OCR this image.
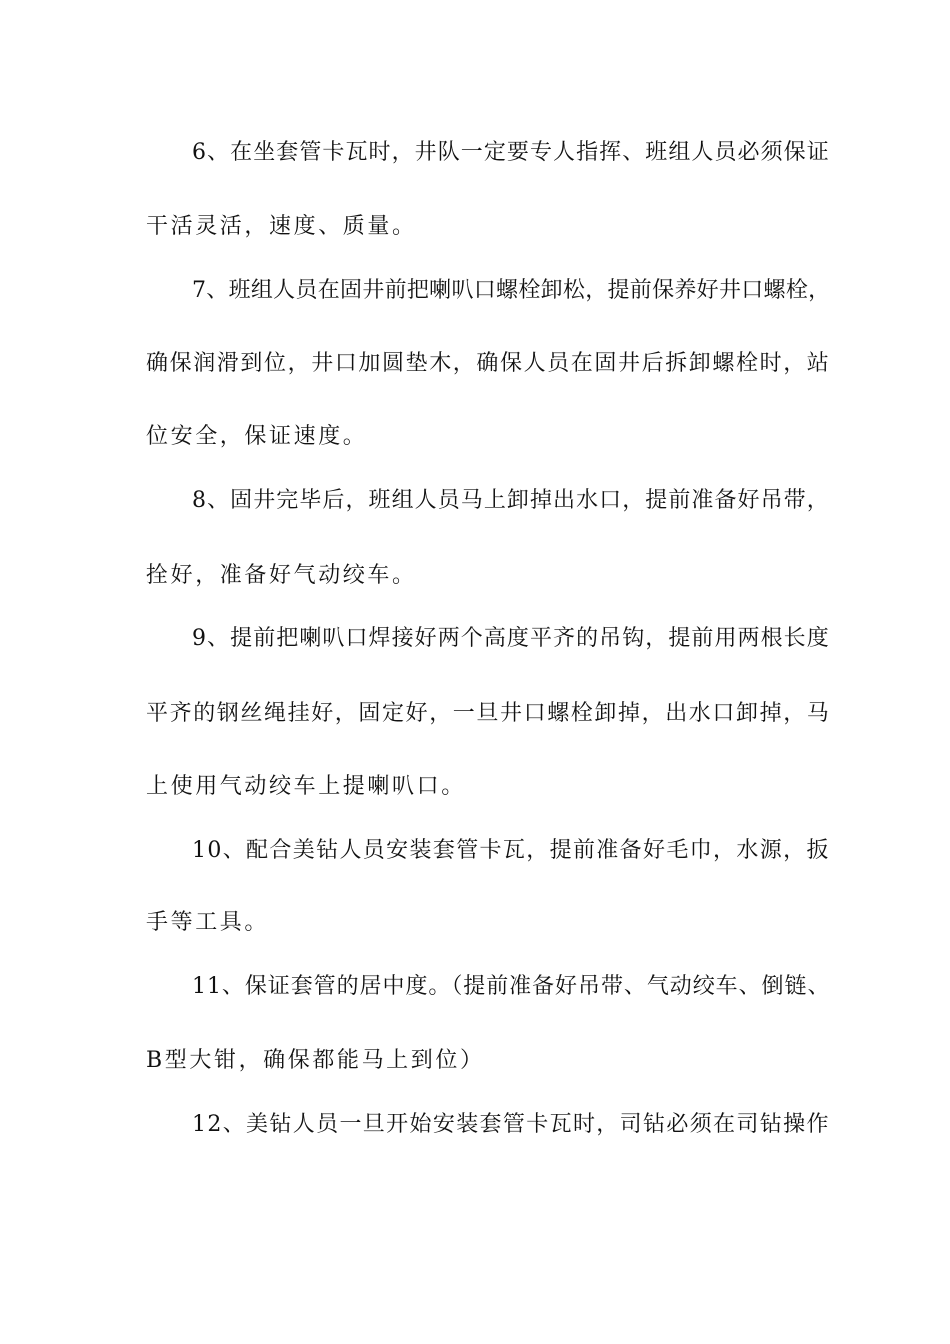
6、在坐套管卡瓦时，井队一定要专人指挥、班组人员必须保证
干活灵活，速度、质量。
7、班组人员在固井前把喇叭口螺栓卸松，提前保养好井口螺栓，
确保润滑到位，井口加圆垫木，确保人员在固井后拆卸螺栓时，站
位安全，保证速度。
8、固井完毕后，班组人员马上卸掉出水口，提前准备好吊带，
拴好，准备好气动绞车。
9、提前把喇叭口焊接好两个高度平齐的吊钩，提前用两根长度
平齐的钢丝绳挂好，固定好，一旦井口螺栓卸掉，出水口卸掉，马
上使用气动绞车上提喇叭口。
10、配合美钻人员安装套管卡瓦，提前准备好毛巾，水源，扳
手等工具。
11、保证套管的居中度。（提前准备好吊带、气动绞车、倒链、
B型大钳，确保都能马上到位）
12、美钻人员一旦开始安装套管卡瓦时，司钻必须在司钻操作
